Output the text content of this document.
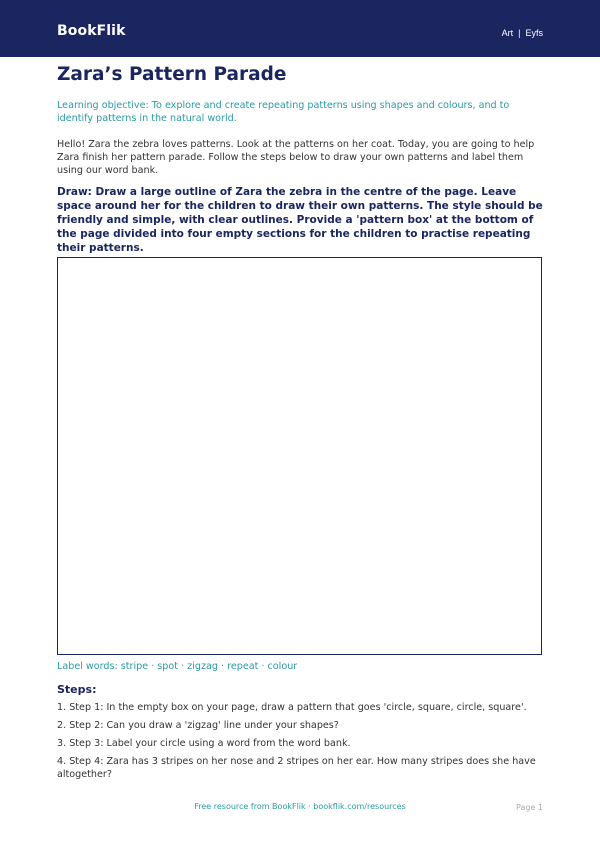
BookFlik	Art | Eyfs
Zara’s Pattern Parade
Learning objective: To explore and create repeating patterns using shapes and colours, and to identify patterns in the natural world.
Hello! Zara the zebra loves patterns. Look at the patterns on her coat. Today, you are going to help Zara finish her pattern parade. Follow the steps below to draw your own patterns and label them using our word bank.
Draw: Draw a large outline of Zara the zebra in the centre of the page. Leave space around her for the children to draw their own patterns. The style should be friendly and simple, with clear outlines. Provide a 'pattern box' at the bottom of the page divided into four empty sections for the children to practise repeating their patterns.
Label words: stripe · spot · zigzag · repeat · colour
Steps:
1. Step 1: In the empty box on your page, draw a pattern that goes 'circle, square, circle, square'.
2. Step 2: Can you draw a 'zigzag' line under your shapes?
3. Step 3: Label your circle using a word from the word bank.
4. Step 4: Zara has 3 stripes on her nose and 2 stripes on her ear. How many stripes does she have altogether?
Free resource from BookFlik · bookflik.com/resources	Page 1
